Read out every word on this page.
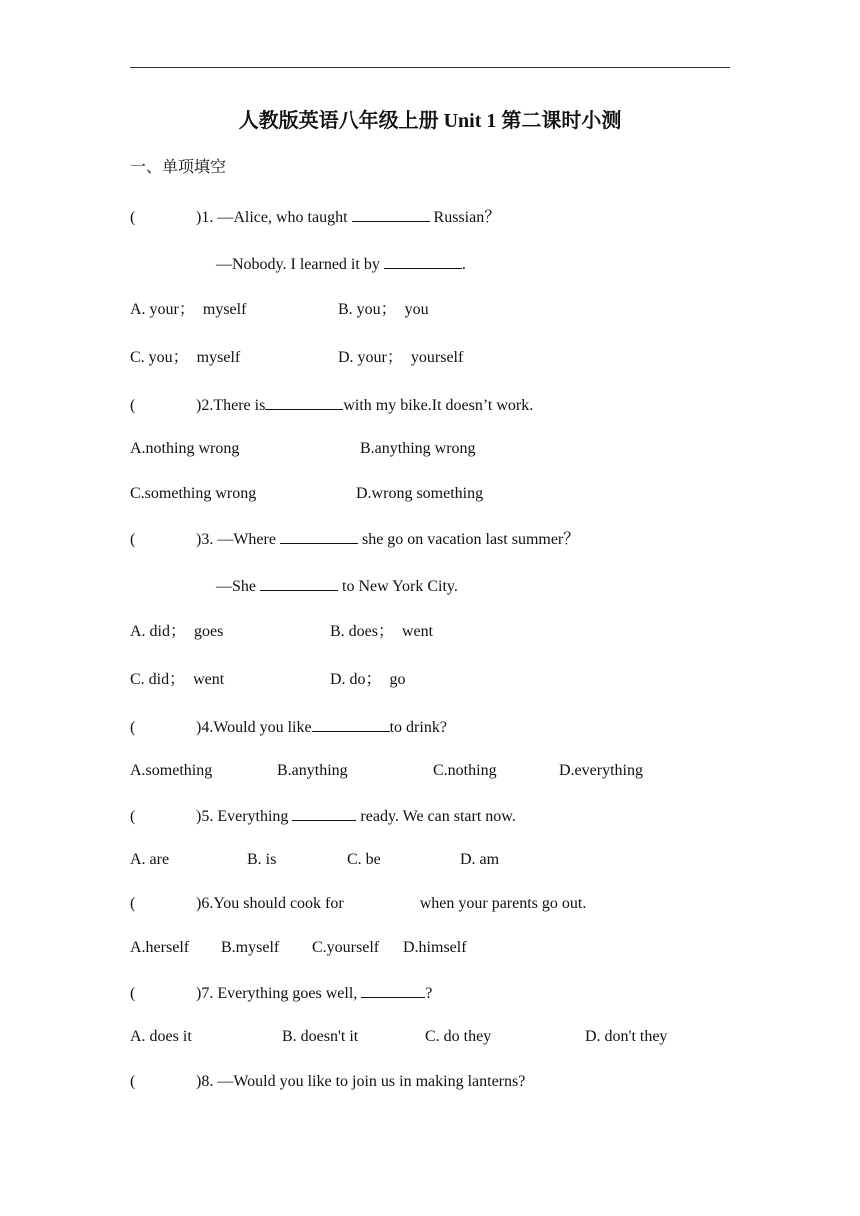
人教版英语八年级上册 Unit 1 第二课时小测
一、单项填空
(	)1. —Alice, who taught	Russian？
—Nobody. I learned it by	.
A. your；  myself	B. you；  you
C. you；  myself	D. your；  yourself
(	)2.There is	with my bike.It doesn’t work.
A.nothing wrong	B.anything wrong
C.something wrong	D.wrong something
(	)3. —Where	she go on vacation last summer？
—She	to New York City.
A. did；  goes	B. does；  went
C. did；  went	D. do；  go
(	)4.Would you like	to drink?
A.something	B.anything	C.nothing	D.everything
(	)5. Everything	ready. We can start now.
A. are	B. is	C. be	D. am
(	)6.You should cook for	when your parents go out.
A.herself B.myself C.yourself D.himself
(	)7. Everything goes well,	?
A. does it	B. doesn't it	C. do they	D. don't they
(	)8. —Would you like to join us in making lanterns?
